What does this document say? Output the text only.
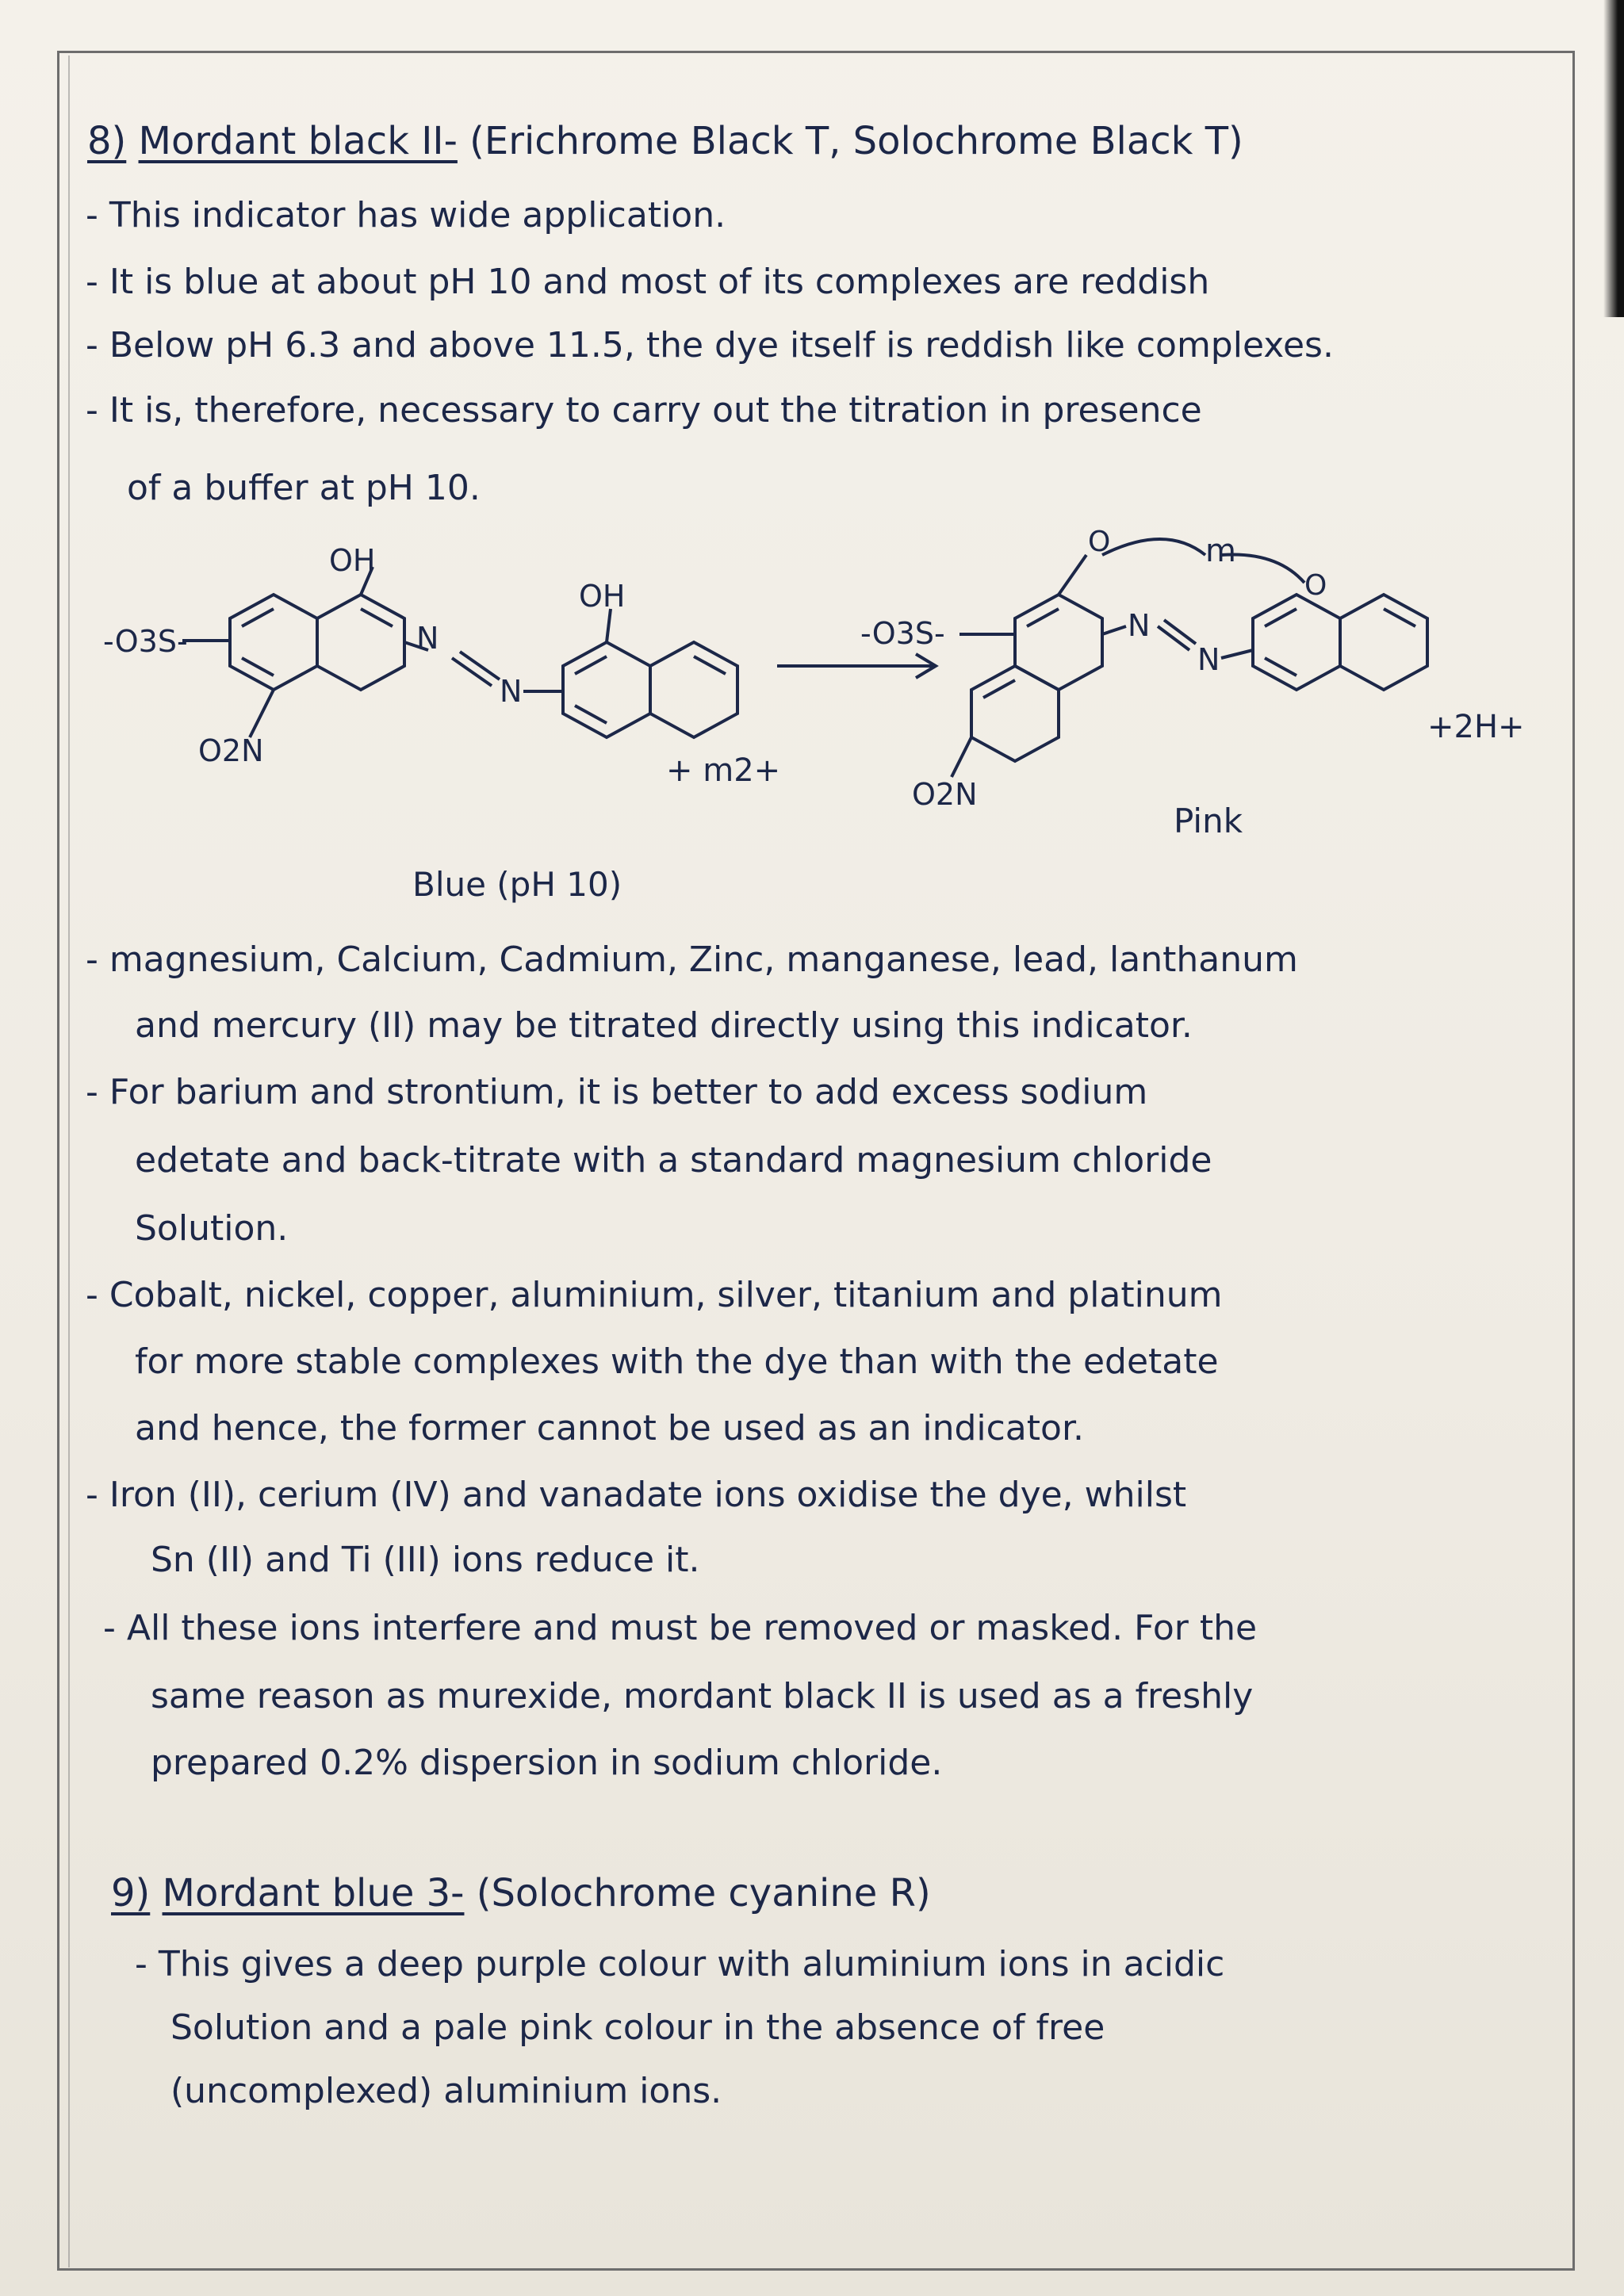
8) Mordant black II- (Erichrome Black T, Solochrome Black T)
- This indicator has wide application.
- It is blue at about pH 10 and most of its complexes are reddish
- Below pH 6.3 and above 11.5, the dye itself is reddish like complexes.
- It is, therefore, necessary to carry out the titration in presence
of a buffer at pH 10.
OH
-O3S-	N
N
OH
O2N
+ m2+
Blue (pH 10)
-O3S-
O	m
O
N
N
O2N
+2H+
Pink
- magnesium, Calcium, Cadmium, Zinc, manganese, lead, lanthanum
and mercury (II) may be titrated directly using this indicator.
- For barium and strontium, it is better to add excess sodium
edetate and back-titrate with a standard magnesium chloride
Solution.
- Cobalt, nickel, copper, aluminium, silver, titanium and platinum
for more stable complexes with the dye than with the edetate
and hence, the former cannot be used as an indicator.
- Iron (II), cerium (IV) and vanadate ions oxidise the dye, whilst
Sn (II) and Ti (III) ions reduce it.
- All these ions interfere and must be removed or masked. For the
same reason as murexide, mordant black II is used as a freshly
prepared 0.2% dispersion in sodium chloride.
9) Mordant blue 3- (Solochrome cyanine R)
- This gives a deep purple colour with aluminium ions in acidic
Solution and a pale pink colour in the absence of free
(uncomplexed) aluminium ions.
